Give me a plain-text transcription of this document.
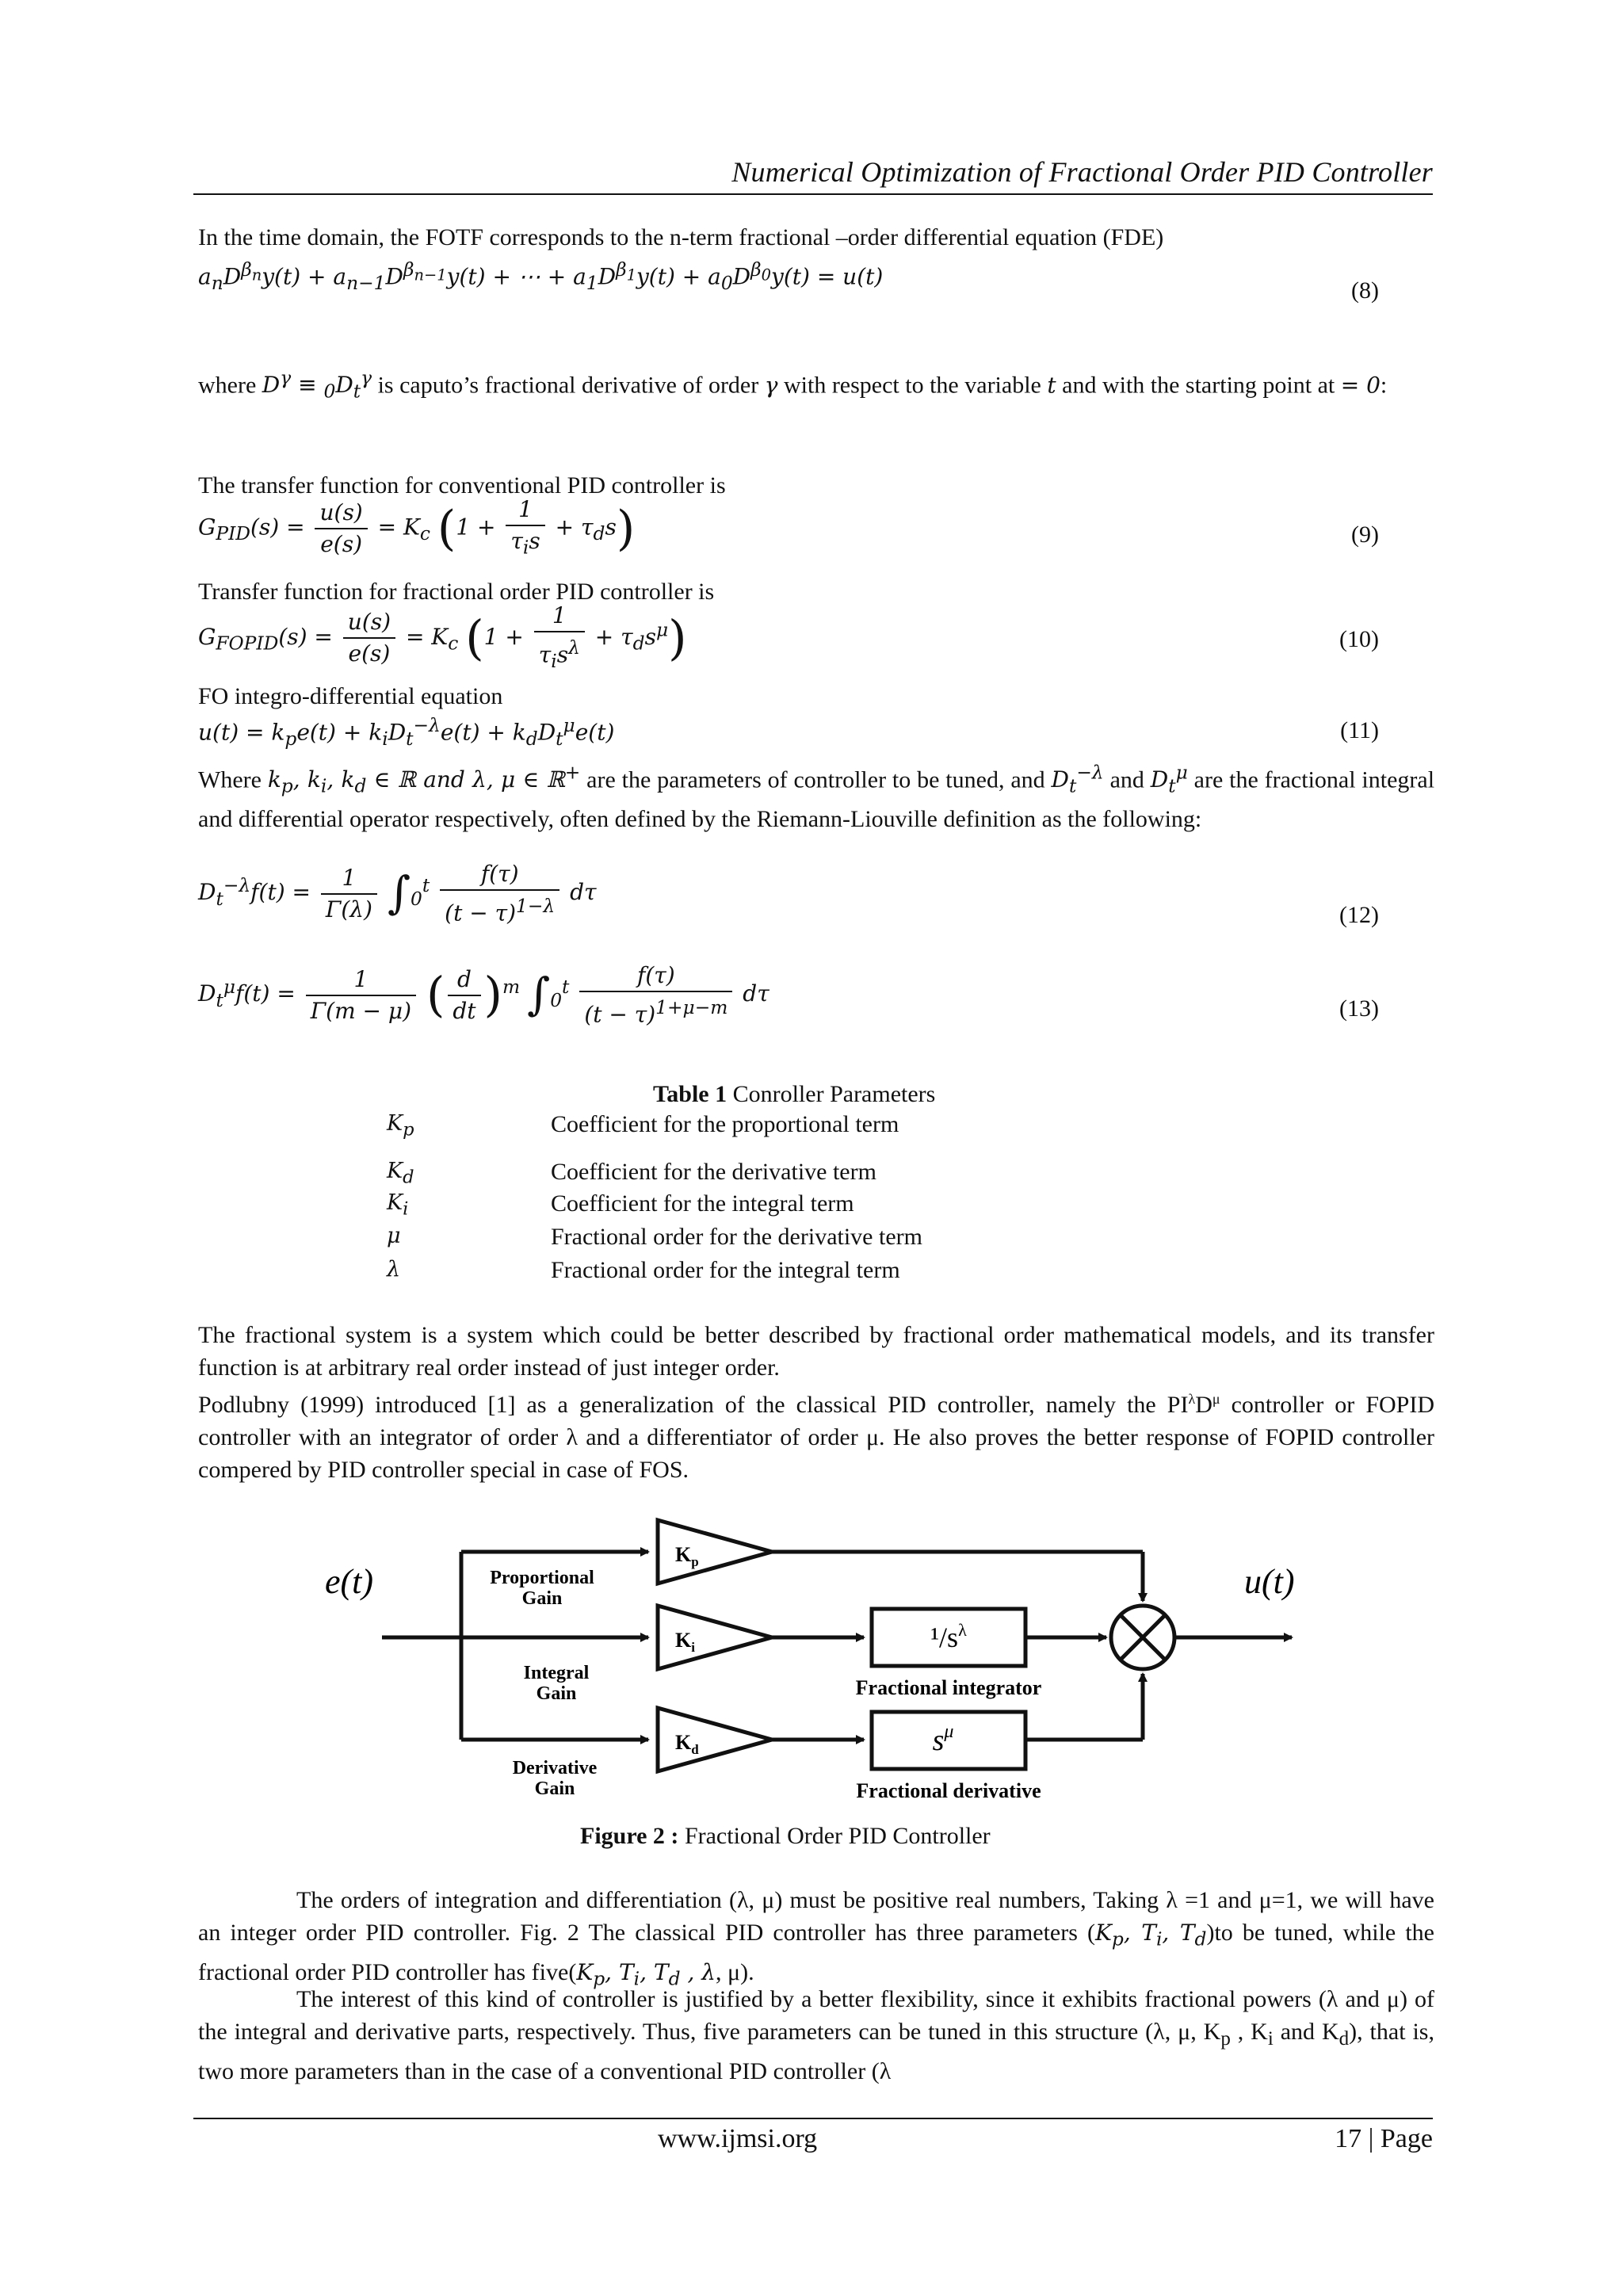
Numerical Optimization of Fractional Order PID Controller
In the time domain, the FOTF corresponds to the n-term fractional –order differential equation (FDE)
$a_nD^{\beta_n}y(t) + a_{n-1}D^{\beta_{n-1}}y(t)$ + ⋯ + $a_1D^{\beta_1}y(t) + a_0D^{\beta_0}y(t) = u(t)$
(8)
where $D^\gamma \equiv _0D_t^\gamma$ is caputo’s fractional derivative of order γ with respect to the variable t and with the starting point at = 0:
The transfer function for conventional PID controller is
$G_{PID}(s) = \frac{u(s)}{e(s)} = K_c$ $(1 + \frac{1}{\tau_is} + \tau_ds)$	(9)
Transfer function for fractional order PID controller is
$G_{FOPID}(s) = \frac{u(s)}{e(s)} = K_c$ $(1 + \frac{1}{\tau_is^\lambda} + \tau_ds^\mu)$	(10)
FO integro-differential equation
$u(t) = k_pe(t) + k_iD_t^{-\lambda}e(t) + k_dD_t^\mu e(t)$	(11)
Where $k_p$, $k_i$, $k_d$ ∈ ℝ and λ, μ ∈ ℝ+ are the parameters of controller to be tuned, and $D_t^{-\lambda}$ and $D_t^\mu$ are the fractional integral and differential operator respectively, often defined by the Riemann-Liouville definition as the following:
$D_t^{-\lambda}f(t) = \frac{1}{\Gamma(\lambda)} \int_0^t \frac{f(\tau)}{(t - \tau)^{1-\lambda}}$ dτ
(12)
$D_t^\mu f(t) = \frac{1}{\Gamma(m - \mu)}$ ( $\frac{d}{dt} )^m$ $\int_0^t \frac{f(\tau)}{(t - \tau)^{1+\mu-m}}$ dτ
(13)
Table 1 Conroller Parameters
$K_p$	Coefficient for the proportional term
$K_d$	Coefficient for the derivative term
$K_i$	Coefficient for the integral term
μ	Fractional order for the derivative term
λ	Fractional order for the integral term
The fractional system is a system which could be better described by fractional order mathematical models, and its transfer function is at arbitrary real order instead of just integer order.
Podlubny (1999) introduced [1] as a generalization of the classical PID controller, namely the $PI^\lambda D^\mu$ controller or FOPID controller with an integrator of order λ and a differentiator of order μ. He also proves the better response of FOPID controller compered by PID controller special in case of FOS.
e(t)	u(t)
Proportional
Gain
Integral
Gain
Derivative
Gain
$K_p$
$K_i$
$K_d$
$^1/s^\lambda$
Fractional integrator
$s^\mu$
Fractional derivative
Figure 2 : Fractional Order PID Controller
The orders of integration and differentiation (λ, μ) must be positive real numbers, Taking λ =1 and μ=1, we will have an integer order PID controller. Fig. 2 The classical PID controller has three parameters ($K_p$, $T_i$, $T_d)to$ be tuned, while the fractional order PID controller has $five(K_p$, $T_i$, $T_d$ , λ, μ).
The interest of this kind of controller is justified by a better flexibility, since it exhibits fractional powers (λ and μ) of the integral and derivative parts, respectively. Thus, five parameters can be tuned in this structure (λ, μ, $K_p$ , $K_i$ and $K_d$), that is, two more parameters than in the case of a conventional PID controller (λ
www.ijmsi.org	17 | Page
